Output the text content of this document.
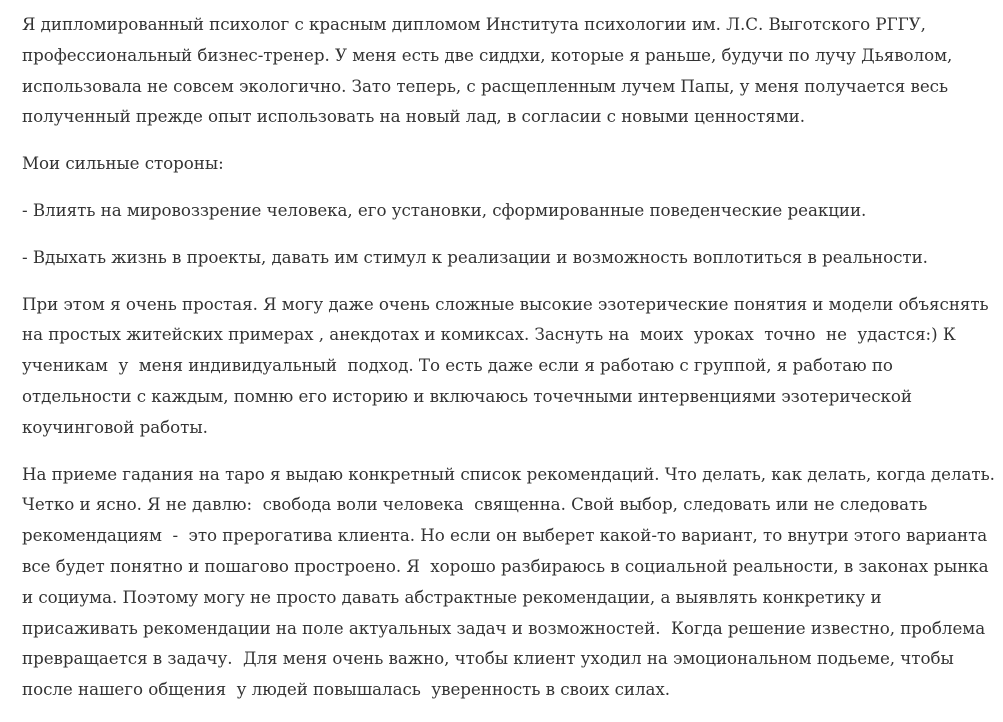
Я дипломированный психолог с красным дипломом Института психологии им. Л.С. Выготского РГГУ,
профессиональный бизнес-тренер. У меня есть две сиддхи, которые я раньше, будучи по лучу Дьяволом,
использовала не совсем экологично. Зато теперь, с расщепленным лучем Папы, у меня получается весь
полученный прежде опыт использовать на новый лад, в согласии с новыми ценностями.
Мои сильные стороны:
- Влиять на мировоззрение человека, его установки, сформированные поведенческие реакции.
- Вдыхать жизнь в проекты, давать им стимул к реализации и возможность воплотиться в реальности.
При этом я очень простая. Я могу даже очень сложные высокие эзотерические понятия и модели объяснять
на простых житейских примерах , анекдотах и комиксах. Заснуть на  моих  уроках  точно  не  удастся:) К
ученикам  у  меня индивидуальный  подход. То есть даже если я работаю с группой, я работаю по
отдельности с каждым, помню его историю и включаюсь точечными интервенциями эзотерической
коучинговой работы.
На приеме гадания на таро я выдаю конкретный список рекомендаций. Что делать, как делать, когда делать.
Четко и ясно. Я не давлю:  свобода воли человека  священна. Свой выбор, следовать или не следовать
рекомендациям  -  это прерогатива клиента. Но если он выберет какой-то вариант, то внутри этого варианта
все будет понятно и пошагово простроено. Я  хорошо разбираюсь в социальной реальности, в законах рынка
и социума. Поэтому могу не просто давать абстрактные рекомендации, а выявлять конкретику и
присаживать рекомендации на поле актуальных задач и возможностей.  Когда решение известно, проблема
превращается в задачу.  Для меня очень важно, чтобы клиент уходил на эмоциональном подьеме, чтобы
после нашего общения  у людей повышалась  уверенность в своих силах.
